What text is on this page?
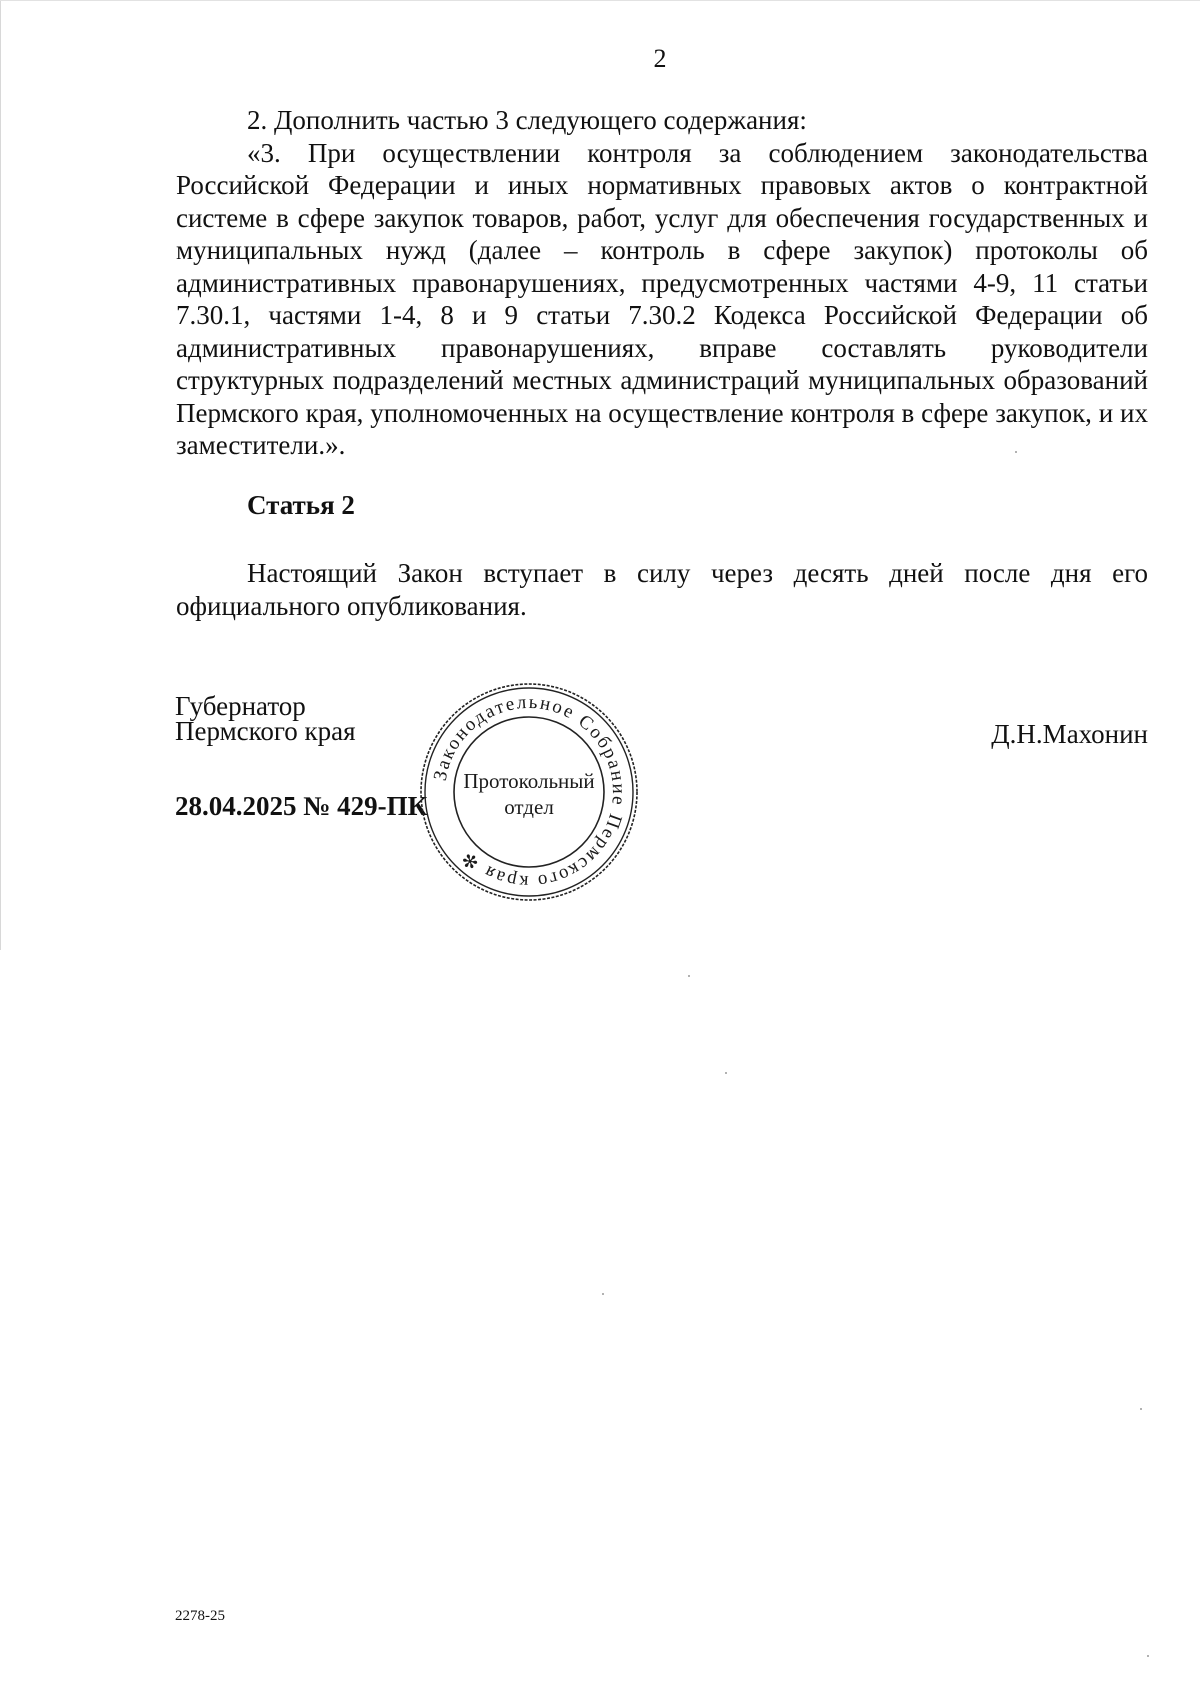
2

2. Дополнить частью 3 следующего содержания:

«3. При осуществлении контроля за соблюдением законодательства Российской Федерации и иных нормативных правовых актов о контрактной системе в сфере закупок товаров, работ, услуг для обеспечения государственных и муниципальных нужд (далее – контроль в сфере закупок) протоколы об административных правонарушениях, предусмотренных частями 4-9, 11 статьи 7.30.1, частями 1-4, 8 и 9 статьи 7.30.2 Кодекса Российской Федерации об административных правонарушениях, вправе составлять руководители структурных подразделений местных администраций муниципальных образований Пермского края, уполномоченных на осуществление контроля в сфере закупок, и их заместители.».

Статья 2

Настоящий Закон вступает в силу через десять дней после дня его официального опубликования.

Губернатор
Пермского края	Д.Н.Махонин
28.04.2025 № 429-ПК
Законодательное Собрание Пермского края ✻
Протокольный
отдел
2278-25
